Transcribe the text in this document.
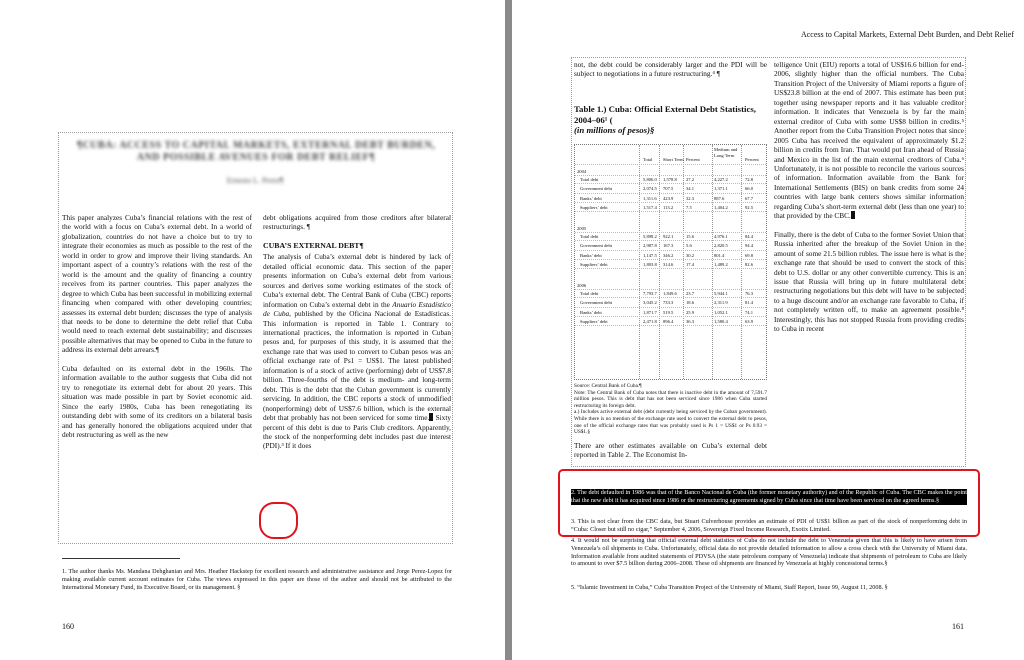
¶CUBA: ACCESS TO CAPITAL MARKETS, EXTERNAL DEBT BURDEN, AND POSSIBLE AVENUES FOR DEBT RELIEF¶
Ernesto L. Perez¶

This paper analyzes Cuba’s financial relations with the rest of the world with a focus on Cuba’s external debt. In a world of globalization, countries do not have a choice but to try to integrate their economies as much as possible to the rest of the world in order to grow and improve their living standards. An important aspect of a country’s relations with the rest of the world is the amount and the quality of financing a country receives from its partner countries. This paper analyzes the degree to which Cuba has been successful in mobilizing external financing when compared with other developing countries; assesses its external debt burden; discusses the type of analysis that needs to be done to determine the debt relief that Cuba would need to reach external debt sustainability; and discusses possible alternatives that may be opened to Cuba in the future to address its external debt arrears.¶

Cuba defaulted on its external debt in the 1960s. The information available to the author suggests that Cuba did not try to renegotiate its external debt for about 20 years. This situation was made possible in part by Soviet economic aid. Since the early 1980s, Cuba has been renegotiating its outstanding debt with some of its creditors on a bilateral basis and has generally honored the obligations acquired under that debt restructuring as well as the new

debt obligations acquired from those creditors after bilateral restructurings. ¶

CUBA’S EXTERNAL DEBT¶

The analysis of Cuba’s external debt is hindered by lack of detailed official economic data. This section of the paper presents information on Cuba’s external debt from various sources and derives some working estimates of the stock of Cuba’s external debt. The Central Bank of Cuba (CBC) reports information on Cuba’s external debt in the Anuario Estadístico de Cuba, published by the Oficina Nacional de Estadísticas. This information is reported in Table 1. Contrary to international practices, the information is reported in Cuban pesos and, for purposes of this study, it is assumed that the exchange rate that was used to convert to Cuban pesos was an official exchange rate of Ps1 = US$1. The latest published information is of a stock of active (performing) debt of US$7.8 billion. Three-fourths of the debt is medium- and long-term debt. This is the debt that the Cuban government is currently servicing. In addition, the CBC reports a stock of unmodified (nonperforming) debt of US$7.6 billion, which is the external debt that probably has not been serviced for some time. Sixty percent of this debt is due to Paris Club creditors. Apparently, the stock of the nonperforming debt includes past due interest (PDI).³ If it does

1. The author thanks Ms. Mandana Dehghanian and Mrs. Heather Hackstep for excellent research and administrative assistance and Jorge Perez-Lopez for making available current account estimates for Cuba. The views expressed in this paper are those of the author and should not be attributed to the International Monetary Fund, its Executive Board, or its management. §
160
Access to Capital Markets, External Debt Burden, and Debt Relief

not, the debt could be considerably larger and the PDI will be subject to negotiations in a future restructuring.⁴ ¶

Table 1.) Cuba: Official External Debt Statistics, 2004–06¹ (
(in millions of pesos)§
Total	Short Term Percent
Medium and Long Term
Percent
2004
Total debt	5,806.0 1,578.8 27.2	4,227.2	72.8
Government debt	2,074.5 707.5	34.1	1,371.1	66.0
Banks’ debt	1,311.6 423.9	32.3	887.6	67.7
Suppliers’ debt	1,517.4 113.2	7.5	1,404.2	92.5
2005
Total debt	5,898.2 922.1	15.6	4,976.1	84.4
Government debt	2,987.8 167.3	5.6	2,820.5	94.4
Banks’ debt	1,147.5 346.2	30.2	801.4	69.8
Suppliers’ debt	1,803.8 314.6	17.4	1,489.2	82.6
2006
Total debt	7,793.7 1,849.6 23.7	5,944.1	76.3
Government debt	3,045.2 733.3	18.6	2,311.9	81.4
Banks’ debt	1,871.7 519.5	25.9	1,052.1	74.1
Suppliers’ debt	2,471.8 896.4	36.3	1,580.4	63.9
Source: Central Bank of Cuba.¶
Note: The Central Bank of Cuba notes that there is inactive debt in the amount of 7,591.7 million pesos. This is debt that has not been serviced since 1986 when Cuba started restructuring its foreign debt.
a.) Includes active external debt (debt currently being serviced by the Cuban government). While there is no mention of the exchange rate used to convert the external debt to pesos, one of the official exchange rates that was probably used is Ps 1 = US$1 or Ps 0.93 = US$1.§

There are other estimates available on Cuba’s external debt reported in Table 2. The Economist In-

telligence Unit (EIU) reports a total of US$16.6 billion for end-2006, slightly higher than the official numbers. The Cuba Transition Project of the University of Miami reports a figure of US$23.8 billion at the end of 2007. This estimate has been put together using newspaper reports and it has valuable creditor information. It indicates that Venezuela is by far the main external creditor of Cuba with some US$8 billion in credits.⁵ Another report from the Cuba Transition Project notes that since 2005 Cuba has received the equivalent of approximately $1.2 billion in credits from Iran. That would put Iran ahead of Russia and Mexico in the list of the main external creditors of Cuba.⁶ Unfortunately, it is not possible to reconcile the various sources of information. Information available from the Bank for International Settlements (BIS) on bank credits from some 24 countries with large bank centers shows similar information regarding Cuba’s short-term external debt (less than one year) to that provided by the CBC.

Finally, there is the debt of Cuba to the former Soviet Union that Russia inherited after the breakup of the Soviet Union in the amount of some 21.5 billion rubles. The issue here is what is the exchange rate that should be used to convert the stock of this debt to U.S. dollar or any other convertible currency. This is an issue that Russia will bring up in future multilateral debt restructuring negotiations but this debt will have to be subjected to a huge discount and/or an exchange rate favorable to Cuba, if not completely written off, to make an agreement possible.⁸ Interestingly, this has not stopped Russia from providing credits to Cuba in recent

2. The debt defaulted in 1986 was that of the Banco Nacional de Cuba (the former monetary authority) and of the Republic of Cuba. The CBC makes the point that the new debt it has acquired since 1986 or the restructuring agreements signed by Cuba since that time have been serviced on the agreed terms.§
3. This is not clear from the CBC data, but Stuart Culverhouse provides an estimate of PDI of US$1 billion as part of the stock of nonperforming debt in “Cuba: Closer but still no cigar,” September 4, 2006, Sovereign Fixed Income Research, Exotix Limited.
4. It would not be surprising that official external debt statistics of Cuba do not include the debt to Venezuela given that this is likely to have arisen from Venezuela’s oil shipments to Cuba. Unfortunately, official data do not provide detailed information to allow a cross check with the University of Miami data. Information available from audited statements of PDVSA (the state petroleum company of Venezuela) indicate that shipments of petroleum to Cuba are likely to amount to over $7.5 billion during 2006–2008. These oil shipments are financed by Venezuela at highly concessional terms.§
5. “Islamic Investment in Cuba,” Cuba Transition Project of the University of Miami, Staff Report, Issue 99, August 11, 2008. §
161
